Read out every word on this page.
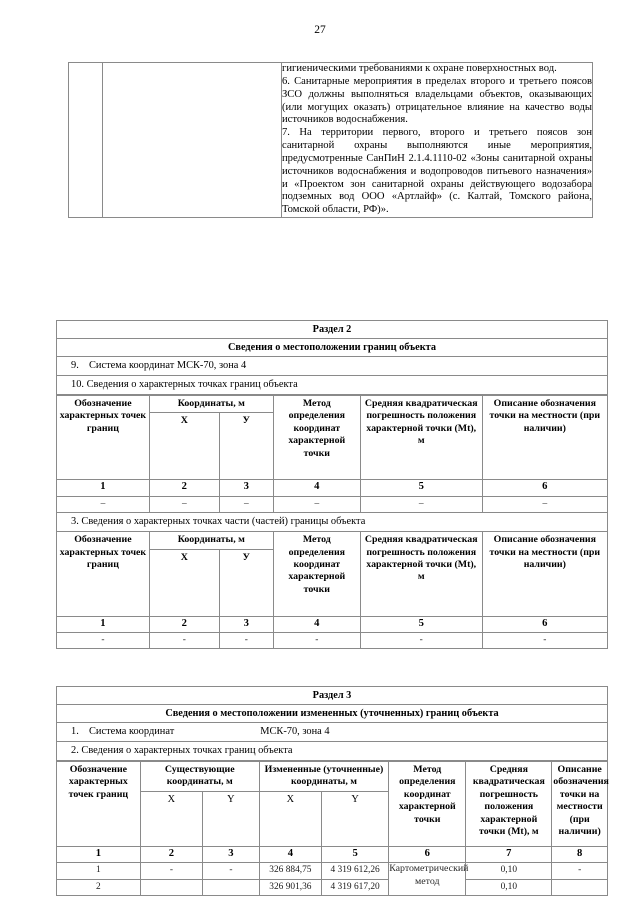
27

гигиеническими требованиями к охране поверхностных вод.

6. Санитарные мероприятия в пределах второго и третьего поясов ЗСО должны выполняться владельцами объектов, оказывающих (или могущих оказать) отрицательное влияние на качество воды источников водоснабжения.

7. На территории первого, второго и третьего поясов зон санитарной охраны выполняются иные мероприятия, предусмотренные СанПиН 2.1.4.1110-02 «Зоны санитарной охраны источников водоснабжения и водопроводов питьевого назначения» и «Проектом зон санитарной охраны действующего водозабора подземных вод ООО «Артлайф» (с. Калтай, Томского района, Томской области, РФ)».

Раздел 2
Сведения о местоположении границ объекта
9. Система координат МСК-70, зона 4
10. Сведения о характерных точках границ объекта
Обозначение характерных точек границ	Координаты, м		Метод определения координат характерной точки	Средняя квадратическая погрешность положения характерной точки (Мt), м	Описание обозначения точки на местности (при наличии)
	X	У			
1	2	3	4	5	6
–	–	–	–	–	–
3. Сведения о характерных точках части (частей) границы объекта
Обозначение характерных точек границ	Координаты, м		Метод определения координат характерной точки	Средняя квадратическая погрешность положения характерной точки (Мt), м	Описание обозначения точки на местности (при наличии)
	X	У			
1	2	3	4	5	6
-	-	-	-	-	-
Раздел 3
Сведения о местоположении измененных (уточненных) границ объекта
1. Система координат	МСК-70, зона 4
2. Сведения о характерных точках границ объекта
Обозначение характерных точек границ	Существующие координаты, м		Измененные (уточненные) координаты, м		Метод определения координат характерной точки	Средняя квадратическая погрешность положения характерной точки (Мt), м	Описание обозначения точки на местности (при наличии)
	X	Y	X	Y			
1	2	3	4	5	6	7	8
1	-	-	326 884,75	4 319 612,26	Картометрический метод	0,10	-
2			326 901,36	4 319 617,20		0,10	
